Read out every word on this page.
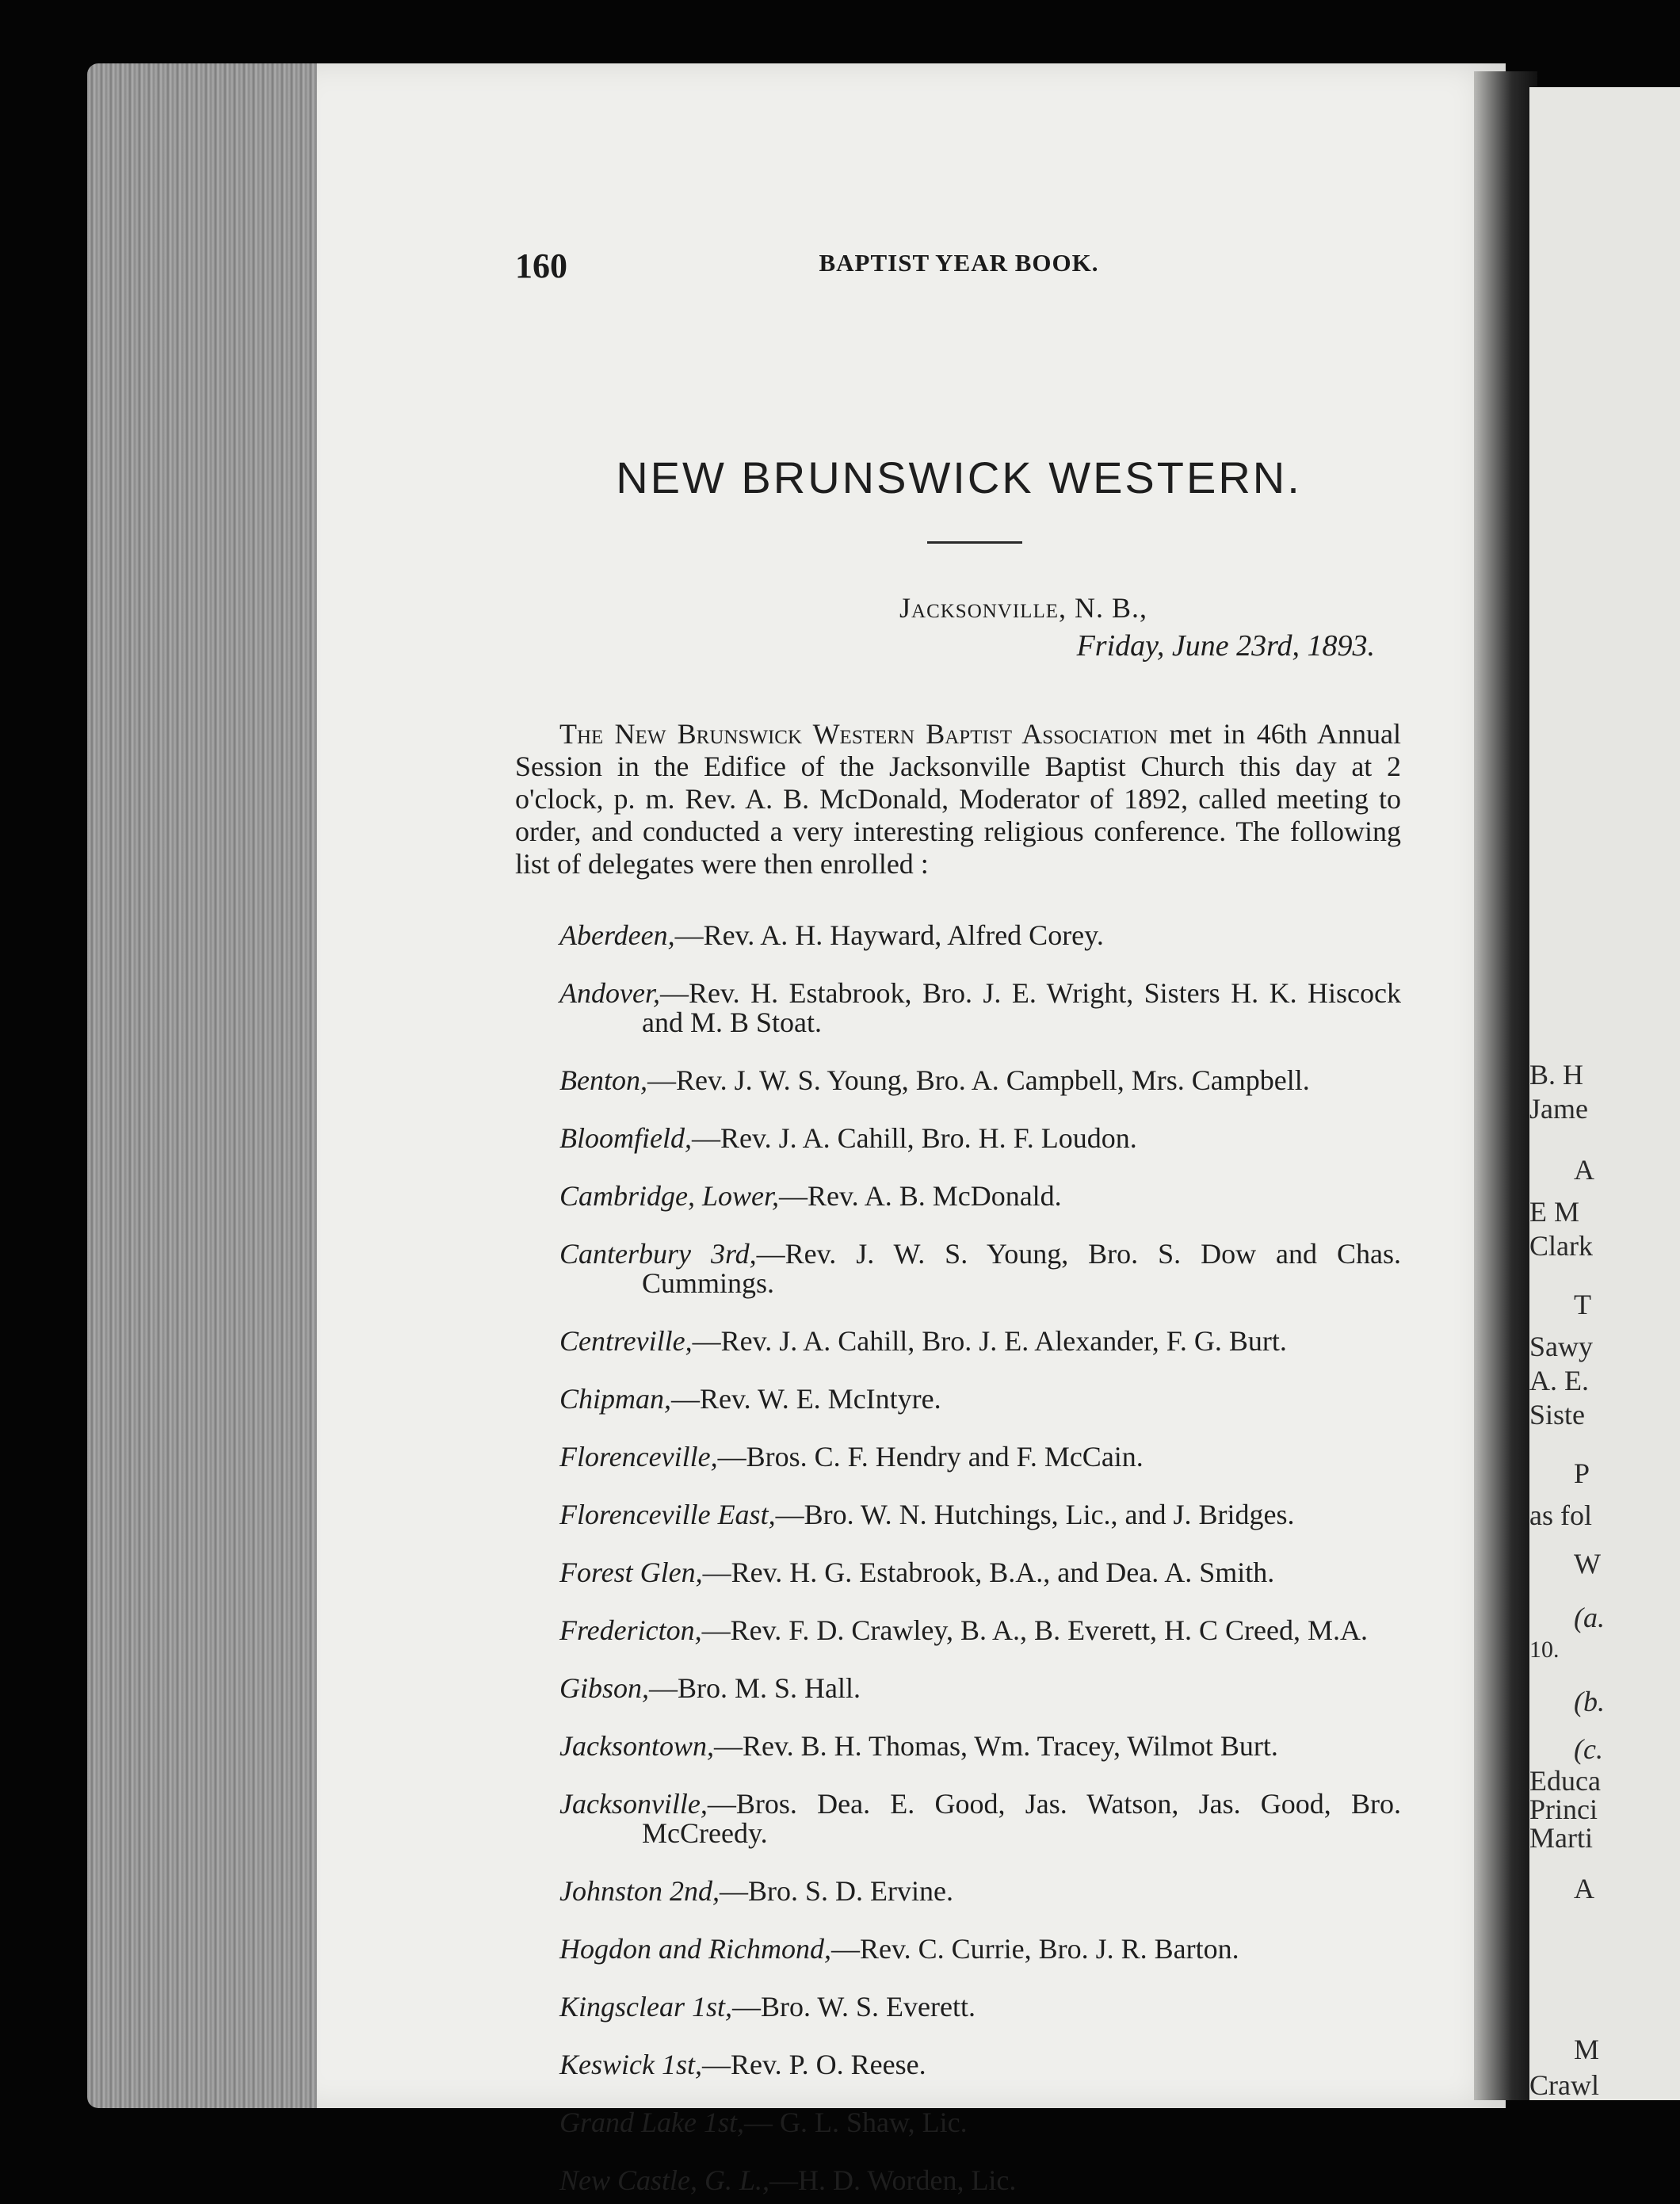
B. H
Jame
A
E M
Clark
T
Sawy
A. E.
Siste
P
as fol
W
(a.
10.
(b.
(c.
Educa
Princi
Marti
A
M
Crawl
160	BAPTIST YEAR BOOK.
NEW BRUNSWICK WESTERN.
Jacksonville, N. B.,
Friday, June 23rd, 1893.

The New Brunswick Western Baptist Association met in 46th Annual Session in the Edifice of the Jacksonville Baptist Church this day at 2 o'clock, p. m. Rev. A. B. McDonald, Moderator of 1892, called meeting to order, and conducted a very interesting religious conference. The following list of delegates were then enrolled :

Aberdeen,—Rev. A. H. Hayward, Alfred Corey.

Andover,—Rev. H. Estabrook, Bro. J. E. Wright, Sisters H. K. Hiscock and M. B Stoat.

Benton,—Rev. J. W. S. Young, Bro. A. Campbell, Mrs. Campbell.

Bloomfield,—Rev. J. A. Cahill, Bro. H. F. Loudon.

Cambridge, Lower,—Rev. A. B. McDonald.

Canterbury 3rd,—Rev. J. W. S. Young, Bro. S. Dow and Chas. Cummings.

Centreville,—Rev. J. A. Cahill, Bro. J. E. Alexander, F. G. Burt.

Chipman,—Rev. W. E. McIntyre.

Florenceville,—Bros. C. F. Hendry and F. McCain.

Florenceville East,—Bro. W. N. Hutchings, Lic., and J. Bridges.

Forest Glen,—Rev. H. G. Estabrook, B.A., and Dea. A. Smith.

Fredericton,—Rev. F. D. Crawley, B. A., B. Everett, H. C Creed, M.A.

Gibson,—Bro. M. S. Hall.

Jacksontown,—Rev. B. H. Thomas, Wm. Tracey, Wilmot Burt.

Jacksonville,—Bros. Dea. E. Good, Jas. Watson, Jas. Good, Bro. McCreedy.

Johnston 2nd,—Bro. S. D. Ervine.

Hogdon and Richmond,—Rev. C. Currie, Bro. J. R. Barton.

Kingsclear 1st,—Bro. W. S. Everett.

Keswick 1st,—Rev. P. O. Reese.

Grand Lake 1st,— G. L. Shaw, Lic.

New Castle, G. L.,—H. D. Worden, Lic.
